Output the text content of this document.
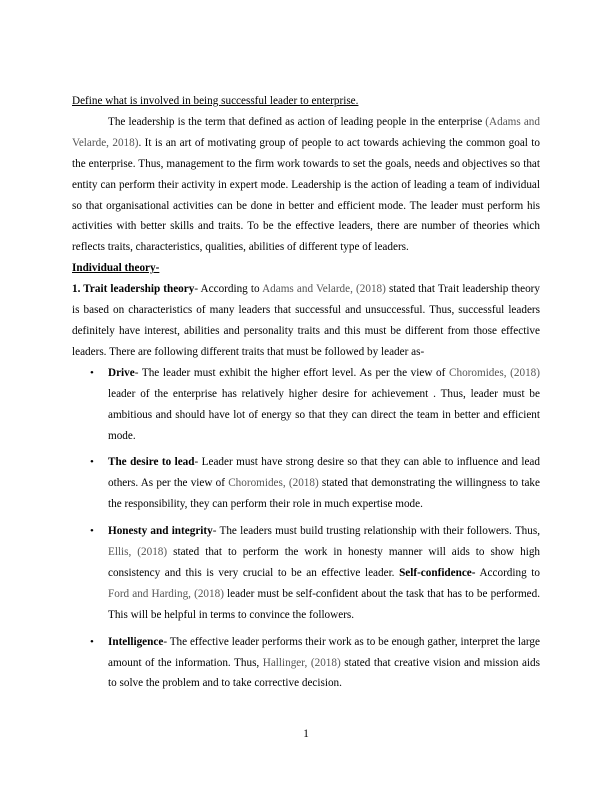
Define what is involved in being successful leader to enterprise.

The leadership is the term that defined as action of leading people in the enterprise (Adams and Velarde, 2018). It is an art of motivating group of people to act towards achieving the common goal to the enterprise. Thus, management to the firm work towards to set the goals, needs and objectives so that entity can perform their activity in expert mode. Leadership is the action of leading a team of individual so that organisational activities can be done in better and efficient mode. The leader must perform his activities with better skills and traits. To be the effective leaders, there are number of theories which reflects traits, characteristics, qualities, abilities of different type of leaders.

Individual theory-

1. Trait leadership theory- According to Adams and Velarde, (2018) stated that Trait leadership theory is based on characteristics of many leaders that successful and unsuccessful. Thus, successful leaders definitely have interest, abilities and personality traits and this must be different from those effective leaders. There are following different traits that must be followed by leader as-

• Drive- The leader must exhibit the higher effort level. As per the view of Choromides, (2018) leader of the enterprise has relatively higher desire for achievement . Thus, leader must be ambitious and should have lot of energy so that they can direct the team in better and efficient mode.
• The desire to lead- Leader must have strong desire so that they can able to influence and lead others. As per the view of Choromides, (2018) stated that demonstrating the willingness to take the responsibility, they can perform their role in much expertise mode.
• Honesty and integrity- The leaders must build trusting relationship with their followers. Thus, Ellis, (2018) stated that to perform the work in honesty manner will aids to show high consistency and this is very crucial to be an effective leader. Self-confidence- According to Ford and Harding, (2018) leader must be self-confident about the task that has to be performed. This will be helpful in terms to convince the followers.
• Intelligence- The effective leader performs their work as to be enough gather, interpret the large amount of the information. Thus, Hallinger, (2018) stated that creative vision and mission aids to solve the problem and to take corrective decision.
1
